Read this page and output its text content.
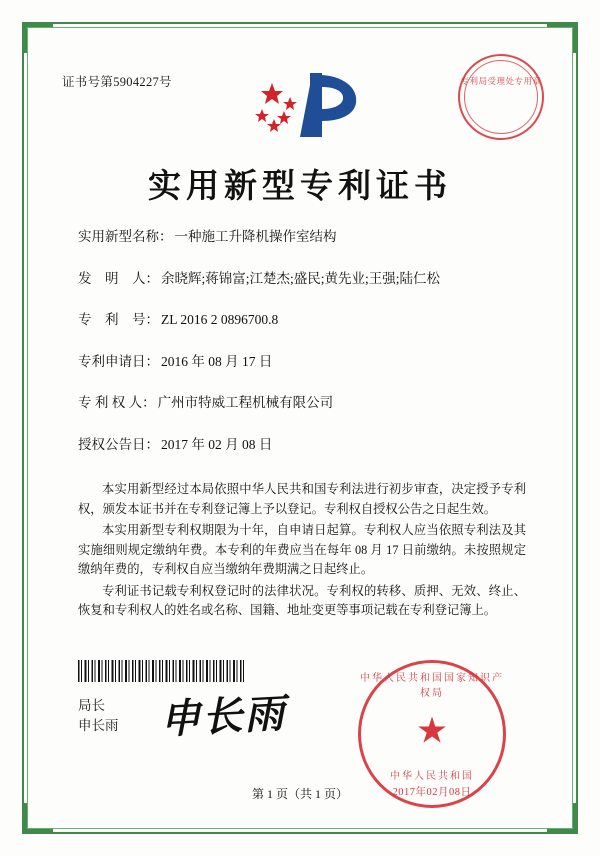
证书号第5904227号	专利局受理处专用章
实用新型专利证书
实用新型名称： 一种施工升降机操作室结构
发　明　人： 余晓辉;蒋锦富;江楚杰;盛民;黄先业;王强;陆仁松
专　利　号： ZL 2016 2 0896700.8
专利申请日： 2016 年 08 月 17 日
专 利 权 人： 广州市特威工程机械有限公司
授权公告日： 2017 年 02 月 08 日

本实用新型经过本局依照中华人民共和国专利法进行初步审查，决定授予专利权，颁发本证书并在专利登记簿上予以登记。专利权自授权公告之日起生效。

本实用新型专利权期限为十年，自申请日起算。专利权人应当依照专利法及其实施细则规定缴纳年费。本专利的年费应当在每年 08 月 17 日前缴纳。未按照规定缴纳年费的，专利权自应当缴纳年费期满之日起终止。

专利证书记载专利权登记时的法律状况。专利权的转移、质押、无效、终止、恢复和专利权人的姓名或名称、国籍、地址变更等事项记载在专利登记簿上。

局长
申长雨 申长雨
中华人民共和国国家知识产权局
★
中华人民共和国
2017年02月08日
第 1 页（共 1 页）
